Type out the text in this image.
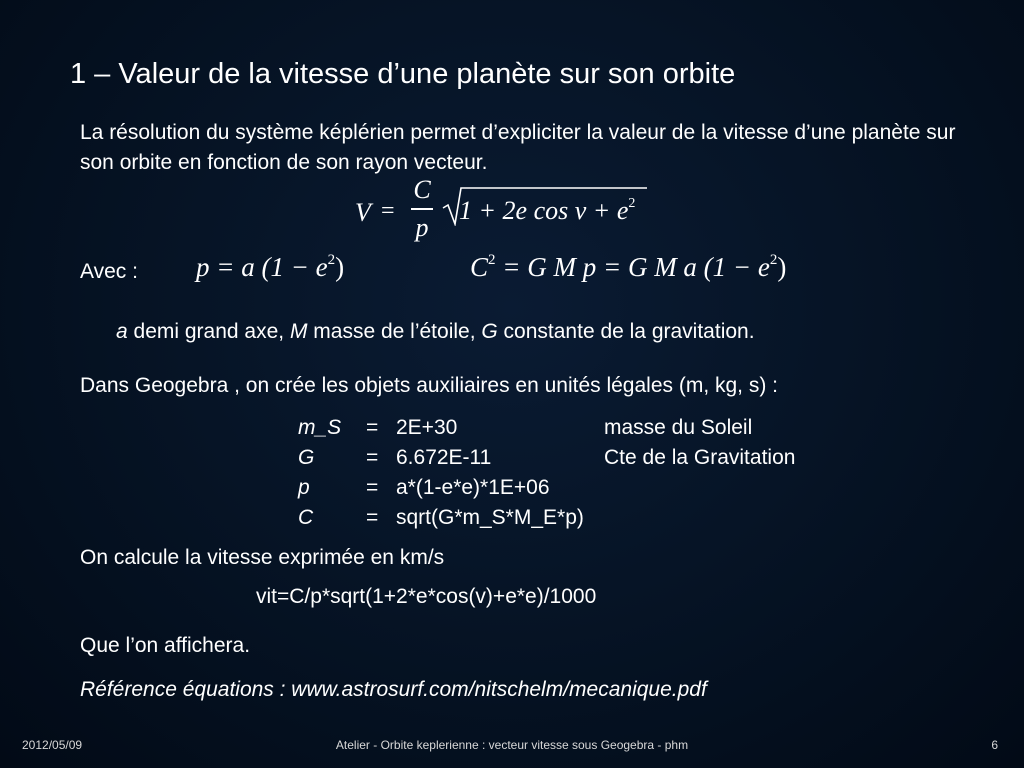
1 – Valeur de la vitesse d’une planète sur son orbite
La résolution du système képlérien permet d’expliciter la valeur de la vitesse d’une planète sur son orbite en fonction de son rayon vecteur.
V =
C
p
1 + 2e $\cos \nu + e^2$
Avec : p = a $(1 - e^2)$	$C^2 = G$ M p = G M a $(1 - e^2)$
a demi grand axe, M masse de l’étoile, G constante de la gravitation.
Dans Geogebra , on crée les objets auxiliaires en unités légales (m, kg, s) :
m_S = 2E+30	masse du Soleil
G = 6.672E-11	Cte de la Gravitation
p	= a*(1-e*e)*1E+06
C	= sqrt(G*m_S*M_E*p)
On calcule la vitesse exprimée en km/s
vit=C/p*sqrt(1+2*e*cos(v)+e*e)/1000
Que l’on affichera.
Référence équations : www.astrosurf.com/nitschelm/mecanique.pdf
2012/05/09	Atelier - Orbite keplerienne : vecteur vitesse sous Geogebra - phm	6
